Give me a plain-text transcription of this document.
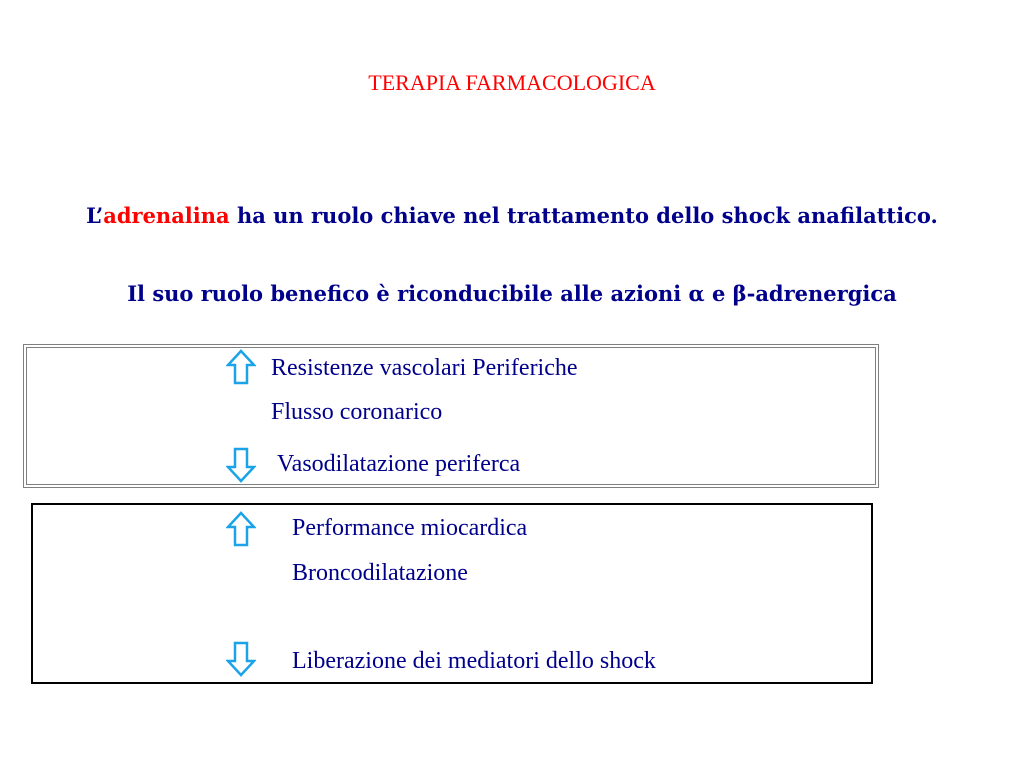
TERAPIA FARMACOLOGICA
L’adrenalina ha un ruolo chiave nel trattamento dello shock anafilattico.
Il suo ruolo benefico è riconducibile alle azioni α e β-adrenergica
Resistenze vascolari Periferiche
Flusso coronarico
Vasodilatazione periferca
Performance miocardica
Broncodilatazione
Liberazione dei mediatori dello shock
